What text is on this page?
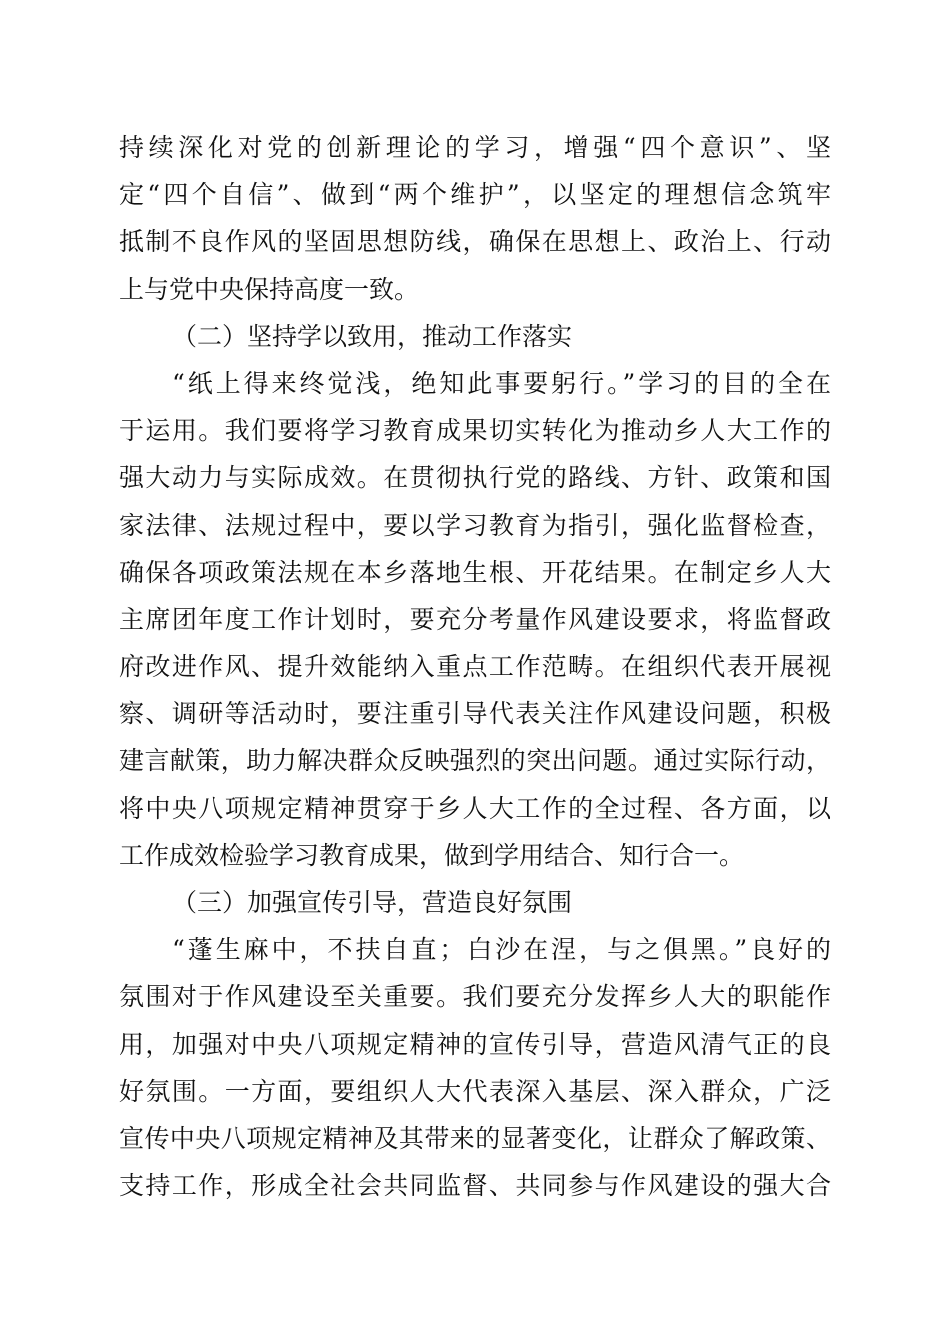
持续深化对党的创新理论的学习，增强“四个意识”、坚
定“四个自信”、做到“两个维护”，以坚定的理想信念筑牢
抵制不良作风的坚固思想防线，确保在思想上、政治上、行动
上与党中央保持高度一致。
（二）坚持学以致用，推动工作落实
“纸上得来终觉浅，绝知此事要躬行。”学习的目的全在
于运用。我们要将学习教育成果切实转化为推动乡人大工作的
强大动力与实际成效。在贯彻执行党的路线、方针、政策和国
家法律、法规过程中，要以学习教育为指引，强化监督检查，
确保各项政策法规在本乡落地生根、开花结果。在制定乡人大
主席团年度工作计划时，要充分考量作风建设要求，将监督政
府改进作风、提升效能纳入重点工作范畴。在组织代表开展视
察、调研等活动时，要注重引导代表关注作风建设问题，积极
建言献策，助力解决群众反映强烈的突出问题。通过实际行动，
将中央八项规定精神贯穿于乡人大工作的全过程、各方面，以
工作成效检验学习教育成果，做到学用结合、知行合一。
（三）加强宣传引导，营造良好氛围
“蓬生麻中，不扶自直；白沙在涅，与之俱黑。”良好的
氛围对于作风建设至关重要。我们要充分发挥乡人大的职能作
用，加强对中央八项规定精神的宣传引导，营造风清气正的良
好氛围。一方面，要组织人大代表深入基层、深入群众，广泛
宣传中央八项规定精神及其带来的显著变化，让群众了解政策、
支持工作，形成全社会共同监督、共同参与作风建设的强大合
